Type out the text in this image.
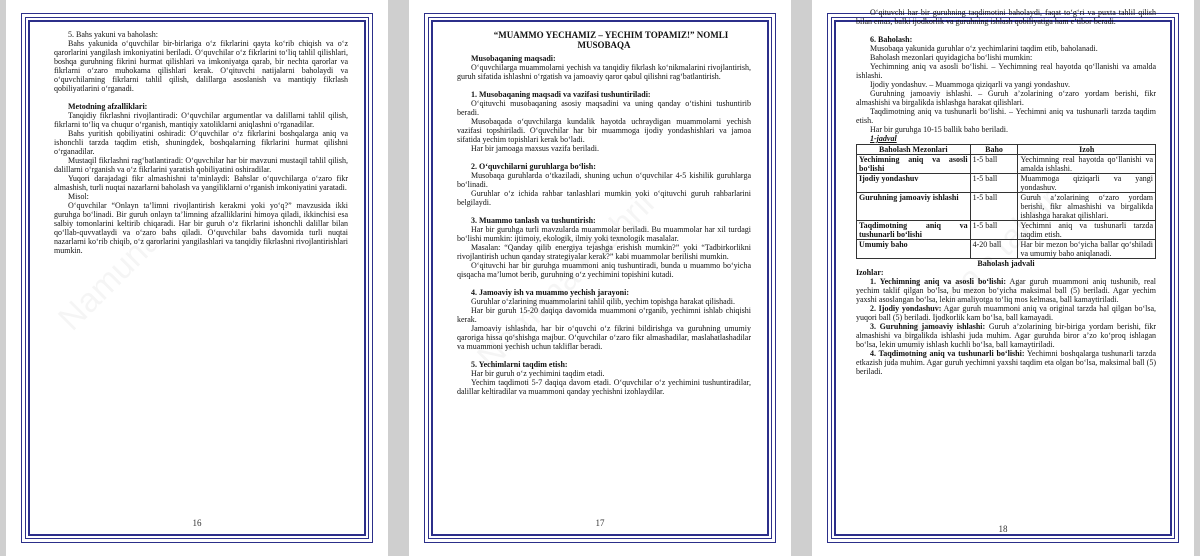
5. Bahs yakuni va baholash:

Bahs yakunida o‘quvchilar bir-birlariga o‘z fikrlarini qayta ko‘rib chiqish va o‘z qarorlarini yangilash imkoniyatini beriladi. O‘quvchilar o‘z fikrlarini to‘liq tahlil qilishlari, boshqa guruhning fikrini hurmat qilishlari va imkoniyatga qarab, bir nechta qarorlar va fikrlarni o‘zaro muhokama qilishlari kerak. O‘qituvchi natijalarni baholaydi va o‘quvchilarning fikrlarni tahlil qilish, dalillarga asoslanish va mantiqiy fikrlash qobiliyatlarini o‘rganadi.

Metodning afzalliklari:

Tanqidiy fikrlashni rivojlantiradi: O‘quvchilar argumentlar va dalillarni tahlil qilish, fikrlarni to‘liq va chuqur o‘rganish, mantiqiy xatoliklarni aniqlashni o‘rganadilar.

Bahs yuritish qobiliyatini oshiradi: O‘quvchilar o‘z fikrlarini boshqalarga aniq va ishonchli tarzda taqdim etish, shuningdek, boshqalarning fikrlarini hurmat qilishni o‘rganadilar.

Mustaqil fikrlashni rag‘batlantiradi: O‘quvchilar har bir mavzuni mustaqil tahlil qilish, dalillarni o‘rganish va o‘z fikrlarini yaratish qobiliyatini oshiradilar.

Yuqori darajadagi fikr almashishni ta’minlaydi: Bahslar o‘quvchilarga o‘zaro fikr almashish, turli nuqtai nazarlarni baholash va yangiliklarni o‘rganish imkoniyatini yaratadi.

Misol:

O‘quvchilar “Onlayn ta’limni rivojlantirish kerakmi yoki yo‘q?” mavzusida ikki guruhga bo‘linadi. Bir guruh onlayn ta’limning afzalliklarini himoya qiladi, ikkinchisi esa salbiy tomonlarini keltirib chiqaradi. Har bir guruh o‘z fikrlarini ishonchli dalillar bilan qo‘llab-quvvatlaydi va o‘zaro bahs qiladi. O‘quvchilar bahs davomida turli nuqtai nazarlarni ko‘rib chiqib, o‘z qarorlarini yangilashlari va tanqidiy fikrlashni rivojlantirishlari mumkin.

16

“MUAMMO YECHAMIZ – YECHIM TOPAMIZ!” NOMLI MUSOBAQA

Musobaqaning maqsadi:

O‘quvchilarga muammolarni yechish va tanqidiy fikrlash ko‘nikmalarini rivojlantirish, guruh sifatida ishlashni o‘rgatish va jamoaviy qaror qabul qilishni rag‘batlantirish.

1. Musobaqaning maqsadi va vazifasi tushuntiriladi:

O‘qituvchi musobaqaning asosiy maqsadini va uning qanday o‘tishini tushuntirib beradi.

Musobaqada o‘quvchilarga kundalik hayotda uchraydigan muammolarni yechish vazifasi topshiriladi. O‘quvchilar har bir muammoga ijodiy yondashishlari va jamoa sifatida yechim topishlari kerak bo‘ladi.

Har bir jamoaga maxsus vazifa beriladi.

2. O‘quvchilarni guruhlarga bo‘lish:

Musobaqa guruhlarda o‘tkaziladi, shuning uchun o‘quvchilar 4-5 kishilik guruhlarga bo‘linadi.

Guruhlar o‘z ichida rahbar tanlashlari mumkin yoki o‘qituvchi guruh rahbarlarini belgilaydi.

3. Muammo tanlash va tushuntirish:

Har bir guruhga turli mavzularda muammolar beriladi. Bu muammolar har xil turdagi bo‘lishi mumkin: ijtimoiy, ekologik, ilmiy yoki texnologik masalalar.

Masalan: “Qanday qilib energiya tejashga erishish mumkin?” yoki “Tadbirkorlikni rivojlantirish uchun qanday strategiyalar kerak?” kabi muammolar berilishi mumkin.

O‘qituvchi har bir guruhga muammoni aniq tushuntiradi, bunda u muammo bo‘yicha qisqacha ma’lumot berib, guruhning o‘z yechimini topishini kutadi.

4. Jamoaviy ish va muammo yechish jarayoni:

Guruhlar o‘zlarining muammolarini tahlil qilib, yechim topishga harakat qilishadi.

Har bir guruh 15-20 daqiqa davomida muammoni o‘rganib, yechimni ishlab chiqishi kerak.

Jamoaviy ishlashda, har bir o‘quvchi o‘z fikrini bildirishga va guruhning umumiy qaroriga hissa qo‘shishga majbur. O‘quvchilar o‘zaro fikr almashadilar, maslahatlashadilar va muammoni yechish uchun takliflar beradi.

5. Yechimlarni taqdim etish:

Har bir guruh o‘z yechimini taqdim etadi.

Yechim taqdimoti 5-7 daqiqa davom etadi. O‘quvchilar o‘z yechimini tushuntiradilar, dalillar keltiradilar va muammoni qanday yechishni izohlaydilar.

17

O‘qituvchi har bir guruhning taqdimotini baholaydi, faqat to‘g‘ri va puxta tahlil qilish bilan emas, balki ijodkorlik va guruhning ishlash qobiliyatiga ham e’tibor beradi.

6. Baholash:

Musobaqa yakunida guruhlar o‘z yechimlarini taqdim etib, baholanadi.

Baholash mezonlari quyidagicha bo‘lishi mumkin:

Yechimning aniq va asosli bo‘lishi. – Yechimning real hayotda qo‘llanishi va amalda ishlashi.

Ijodiy yondashuv. – Muammoga qiziqarli va yangi yondashuv.

Guruhning jamoaviy ishlashi. – Guruh a’zolarining o‘zaro yordam berishi, fikr almashishi va birgalikda ishlashga harakat qilishlari.

Taqdimotning aniq va tushunarli bo‘lishi. – Yechimni aniq va tushunarli tarzda taqdim etish.

Har bir guruhga 10-15 ballik baho beriladi.

1-jadval
Baholash Mezonlari	Baho	Izoh
Yechimning aniq va asosli bo‘lishi	1-5 ball	Yechimning real hayotda qo‘llanishi va amalda ishlashi.
Ijodiy yondashuv	1-5 ball	Muammoga qiziqarli va yangi yondashuv.
Guruhning jamoaviy ishlashi	1-5 ball	Guruh a’zolarining o‘zaro yordam berishi, fikr almashishi va birgalikda ishlashga harakat qilishlari.
Taqdimotning aniq va tushunarli bo‘lishi	1-5 ball	Yechimni aniq va tushunarli tarzda taqdim etish.
Umumiy baho	4-20 ball	Har bir mezon bo‘yicha ballar qo‘shiladi va umumiy baho aniqlanadi.
Baholash jadvali

Izohlar:

1. Yechimning aniq va asosli bo‘lishi: Agar guruh muammoni aniq tushunib, real yechim taklif qilgan bo‘lsa, bu mezon bo‘yicha maksimal ball (5) beriladi. Agar yechim yaxshi asoslangan bo‘lsa, lekin amaliyotga to‘liq mos kelmasa, ball kamaytiriladi.

2. Ijodiy yondashuv: Agar guruh muammoni aniq va original tarzda hal qilgan bo‘lsa, yuqori ball (5) beriladi. Ijodkorlik kam bo‘lsa, ball kamayadi.

3. Guruhning jamoaviy ishlashi: Guruh a’zolarining bir-biriga yordam berishi, fikr almashishi va birgalikda ishlashi juda muhim. Agar guruhda biror a’zo ko‘proq ishlagan bo‘lsa, lekin umumiy ishlash kuchli bo‘lsa, ball kamaytiriladi.

4. Taqdimotning aniq va tushunarli bo‘lishi: Yechimni boshqalarga tushunarli tarzda etkazish juda muhim. Agar guruh yechimni yaxshi taqdim eta olgan bo‘lsa, maksimal ball (5) beriladi.

18
